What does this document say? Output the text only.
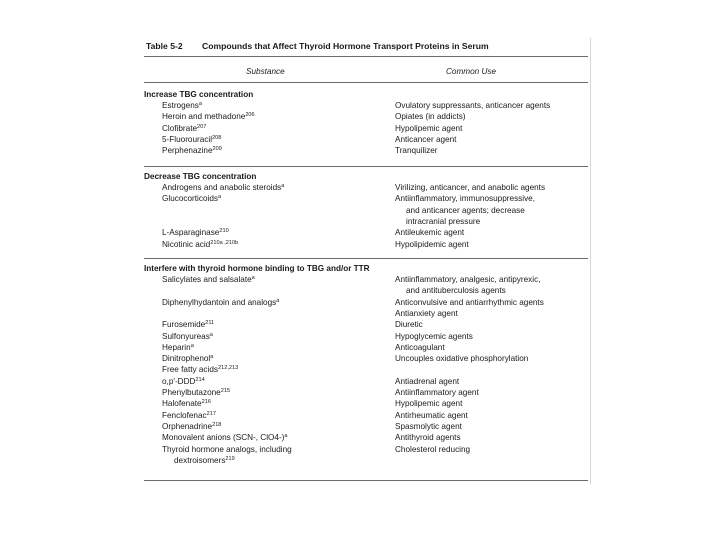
Table 5-2 Compounds that Affect Thyroid Hormone Transport Proteins in Serum
Substance	Common Use
Increase TBG concentration
Estrogens$^a$	Ovulatory suppressants, anticancer agents
Heroin and methadone$^{206}$	Opiates (in addicts)
Clofibrate$^{207}$	Hypolipemic agent
5-Fluorouracil$^{208}$	Anticancer agent
Perphenazine$^{209}$	Tranquilizer
Decrease TBG concentration
Androgens and anabolic steroids$^a$	Virilizing, anticancer, and anabolic agents
Glucocorticoids$^a$	Antiinflammatory, immunosuppressive,
and anticancer agents; decrease
intracranial pressure
L-Asparaginase$^{210}$	Antileukemic agent
Nicotinic acid$^{210a ,210b}$	Hypolipidemic agent
Interfere with thyroid hormone binding to TBG and/or TTR
Salicylates and salsalate$^a$	Antiinflammatory, analgesic, antipyrexic,
and antituberculosis agents
Diphenylhydantoin and analogs$^a$	Anticonvulsive and antiarrhythmic agents
Antianxiety agent
Furosemide$^{211}$	Diuretic
Sulfonyureas$^a$	Hypoglycemic agents
Heparin$^a$	Anticoagulant
Dinitrophenol$^a$	Uncouples oxidative phosphorylation
Free fatty acids$^{212,213}$
o,p'-DDD$^{214}$	Antiadrenal agent
Phenylbutazone$^{215}$	Antiinflammatory agent
Halofenate$^{216}$	Hypolipemic agent
Fenclofenac$^{217}$	Antirheumatic agent
Orphenadrine$^{218}$	Spasmolytic agent
Monovalent anions (SCN-, ClO4-)$^a$	Antithyroid agents
Thyroid hormone analogs, including	Cholesterol reducing
dextroisomers$^{219}$
